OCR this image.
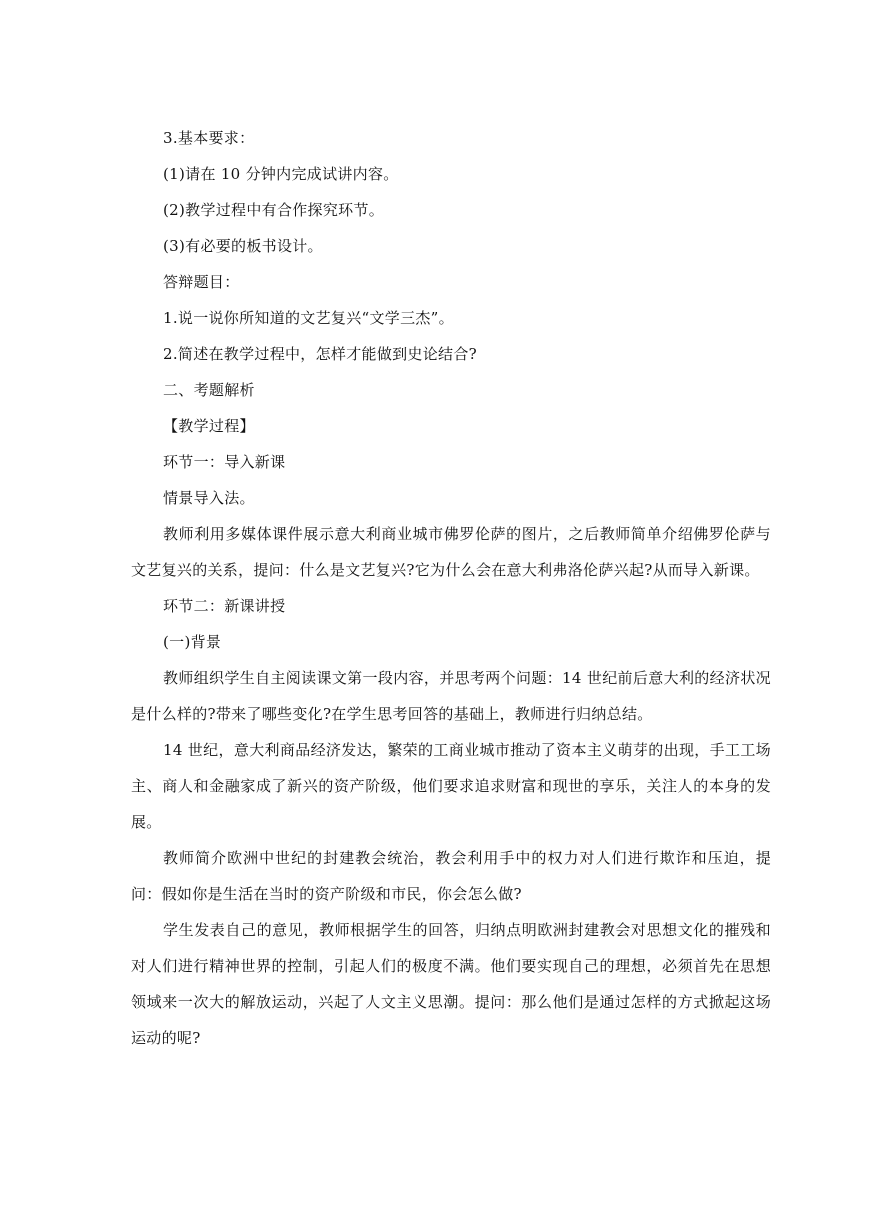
3.基本要求：

(1)请在 10 分钟内完成试讲内容。

(2)教学过程中有合作探究环节。

(3)有必要的板书设计。

答辩题目：

1.说一说你所知道的文艺复兴“文学三杰”。

2.简述在教学过程中，怎样才能做到史论结合?

二、考题解析

【教学过程】

环节一：导入新课

情景导入法。

教师利用多媒体课件展示意大利商业城市佛罗伦萨的图片，之后教师简单介绍佛罗伦萨与文艺复兴的关系，提问：什么是文艺复兴?它为什么会在意大利弗洛伦萨兴起?从而导入新课。

环节二：新课讲授

(一)背景

教师组织学生自主阅读课文第一段内容，并思考两个问题：14 世纪前后意大利的经济状况是什么样的?带来了哪些变化?在学生思考回答的基础上，教师进行归纳总结。

14 世纪，意大利商品经济发达，繁荣的工商业城市推动了资本主义萌芽的出现，手工工场主、商人和金融家成了新兴的资产阶级，他们要求追求财富和现世的享乐，关注人的本身的发展。

教师简介欧洲中世纪的封建教会统治，教会利用手中的权力对人们进行欺诈和压迫，提问：假如你是生活在当时的资产阶级和市民，你会怎么做?

学生发表自己的意见，教师根据学生的回答，归纳点明欧洲封建教会对思想文化的摧残和对人们进行精神世界的控制，引起人们的极度不满。他们要实现自己的理想，必须首先在思想领域来一次大的解放运动，兴起了人文主义思潮。提问：那么他们是通过怎样的方式掀起这场运动的呢?
